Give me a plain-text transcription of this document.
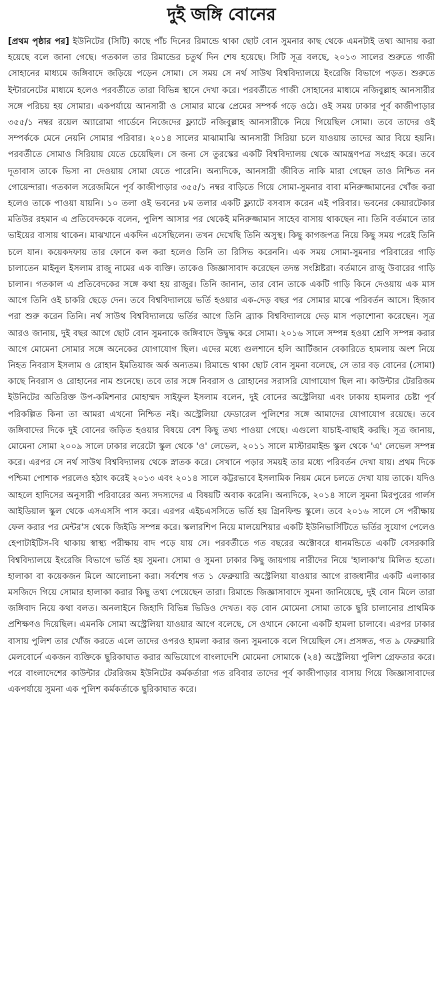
দুই জঙ্গি বোনের

[প্রথম পৃষ্ঠার পর] ইউনিটের (সিটি) কাছে পাঁচ দিনের রিমান্ডে থাকা ছোট বোন সুমনার কাছ থেকে এমনটাই তথ্য আদায় করা হয়েছে বলে জানা গেছে। গতকাল তার রিমান্ডের চতুর্থ দিন শেষ হয়েছে। সিটি সূত্র বলছে, ২০১৩ সালের শুরুতে গাজী সোহানের মাধ্যমে জঙ্গিবাদে জড়িয়ে পড়েন সোমা। সে সময় সে নর্থ সাউথ বিশ্ববিদ্যালয়ে ইংরেজি বিভাগে পড়ত। শুরুতে ইন্টারনেটের মাধ্যমে হলেও পরবর্তীতে তারা বিভিন্ন স্থানে দেখা করে। পরবর্তীতে গাজী সোহানের মাধ্যমে নজিবুল্লাহ আনসারীর সঙ্গে পরিচয় হয় সোমার। একপর্যায়ে আনসারী ও সোমার মাঝে প্রেমের সম্পর্ক গড়ে ওঠে। ওই সময় ঢাকার পূর্ব কাজীপাড়ার ৩৫৫/১ নম্বর রয়েল অ্যারোমা গার্ডেনে নিজেদের ফ্ল্যাটে নজিবুল্লাহ আনসারীকে নিয়ে গিয়েছিল সোমা। তবে তাদের ওই সম্পর্ককে মেনে নেয়নি সোমার পরিবার। ২০১৪ সালের মাঝামাঝি আনসারী সিরিয়া চলে যাওয়ায় তাদের আর বিয়ে হয়নি। পরবর্তীতে সোমাও সিরিয়ায় যেতে চেয়েছিল। সে জন্য সে তুরস্কের একটি বিশ্ববিদ্যালয় থেকে আমন্ত্রণপত্র সংগ্রহ করে। তবে দূতাবাস তাকে ভিসা না দেওয়ায় সোমা যেতে পারেনি। অন্যদিকে, আনসারী জীবিত নাকি মারা গেছেন তাও নিশ্চিত নন গোয়েন্দারা। গতকাল সরেজমিনে পূর্ব কাজীপাড়ার ৩৫৫/১ নম্বর বাড়িতে গিয়ে সোমা-সুমনার বাবা মনিরুজ্জামানের খোঁজ করা হলেও তাকে পাওয়া যায়নি। ১০ তলা ওই ভবনের ৮ম তলার একটি ফ্ল্যাটে বসবাস করেন এই পরিবার। ভবনের কেয়ারটেকার মতিউর রহমান এ প্রতিবেদককে বলেন, পুলিশ আসার পর থেকেই মনিরুজ্জামান সাহেব বাসায় থাকছেন না। তিনি বর্তমানে তার ভাইয়ের বাসায় থাকেন। মাঝখানে একদিন এসেছিলেন। তখন দেখেছি তিনি অসুস্থ। কিছু কাগজপত্র নিয়ে কিছু সময় পরেই তিনি চলে যান। কয়েকদফায় তার ফোনে কল করা হলেও তিনি তা রিসিভ করেননি। এক সময় সোমা-সুমনার পরিবারের গাড়ি চালাতেন মাইনুল ইসলাম রাজু নামের এক ব্যক্তি। তাকেও জিজ্ঞাসাবাদ করেছেন তদন্ত সংশ্লিষ্টরা। বর্তমানে রাজু উবারের গাড়ি চালান। গতকাল এ প্রতিবেদকের সঙ্গে কথা হয় রাজুর। তিনি জানান, তার বোন তাকে একটি গাড়ি কিনে দেওয়ায় এক মাস আগে তিনি ওই চাকরি ছেড়ে দেন। তবে বিশ্ববিদ্যালয়ে ভর্তি হওয়ার এক-দেড় বছর পর সোমার মাঝে পরিবর্তন আসে। হিজাব পরা শুরু করেন তিনি। নর্থ সাউথ বিশ্ববিদ্যালয়ে ভর্তির আগে তিনি ব্র্যাক বিশ্ববিদ্যালয়ে দেড় মাস পড়াশোনা করেছেন। সূত্র আরও জানায়, দুই বছর আগে ছোট বোন সুমনাকে জঙ্গিবাদে উদ্বুদ্ধ করে সোমা। ২০১৬ সালে সম্পন্ন হওয়া শ্রেণি সম্পন্ন করার আগে মোমেনা সোমার সঙ্গে অনেকের যোগাযোগ ছিল। এদের মধ্যে গুলশানে হলি আর্টিজান বেকারিতে হামলায় অংশ নিয়ে নিহত নিবরাস ইসলাম ও রোহান ইমতিয়াজ অর্ক অন্যতম। রিমান্ডে থাকা ছোট বোন সুমনা বলেছে, সে তার বড় বোনের (সোমা) কাছে নিবরাস ও রোহানের নাম শুনেছে। তবে তার সঙ্গে নিবরাস ও রোহানের সরাসরি যোগাযোগ ছিল না। কাউন্টার টেররিজম ইউনিটের অতিরিক্ত উপ-কমিশনার মোহাম্মদ সাইফুল ইসলাম বলেন, দুই বোনের অস্ট্রেলিয়া এবং ঢাকায় হামলার চেষ্টা পূর্ব পরিকল্পিত কিনা তা আমরা এখনো নিশ্চিত নই। অস্ট্রেলিয়া ফেডারেল পুলিশের সঙ্গে আমাদের যোগাযোগ রয়েছে। তবে জঙ্গিবাদের দিকে দুই বোনের জড়িত হওয়ার বিষয়ে বেশ কিছু তথ্য পাওয়া গেছে। এগুলো যাচাই-বাছাই করছি। সূত্র জানায়, মোমেনা সোমা ২০০৯ সালে ঢাকার লরেটো স্কুল থেকে 'ও' লেভেল, ২০১১ সালে মাস্টারমাইন্ড স্কুল থেকে 'এ' লেভেল সম্পন্ন করে। এরপর সে নর্থ সাউথ বিশ্ববিদ্যালয় থেকে স্নাতক করে। সেখানে পড়ার সময়ই তার মধ্যে পরিবর্তন দেখা যায়। প্রথম দিকে পশ্চিমা পোশাক পরলেও হঠাৎ করেই ২০১৩ এবং ২০১৪ সালে কট্টরভাবে ইসলামিক নিয়ম মেনে চলতে দেখা যায় তাকে। যদিও আহলে হাদিসের অনুসারী পরিবারের অন্য সদস্যদের এ বিষয়টি অবাক করেনি। অন্যদিকে, ২০১৪ সালে সুমনা মিরপুরের গার্লস আইডিয়াল স্কুল থেকে এসএসসি পাস করে। এরপর এইচএসসিতে ভর্তি হয় গ্রিনফিল্ড স্কুলে। তবে ২০১৬ সালে সে পরীক্ষায় ফেল করার পর মেন্টর'স থেকে জিইডি সম্পন্ন করে। স্কলারশিপ নিয়ে মালয়েশিয়ার একটি ইউনিভার্সিটিতে ভর্তির সুযোগ পেলেও হেপাটাইটিস-বি থাকায় স্বাস্থ্য পরীক্ষায় বাদ পড়ে যায় সে। পরবর্তীতে গত বছরের অক্টোবরে ধানমন্ডিতে একটি বেসরকারি বিশ্ববিদ্যালয়ে ইংরেজি বিভাগে ভর্তি হয় সুমনা। সোমা ও সুমনা ঢাকার কিছু জায়গায় নারীদের নিয়ে 'হালাকা'য় মিলিত হতো। হালাকা বা কয়েকজন মিলে আলোচনা করা। সর্বশেষ গত ১ ফেব্রুয়ারি অস্ট্রেলিয়া যাওয়ার আগে রাজধানীর একটি এলাকার মসজিদে গিয়ে সোমার হালাকা করার কিছু তথ্য পেয়েছেন তারা। রিমান্ডে জিজ্ঞাসাবাদে সুমনা জানিয়েছে, দুই বোন মিলে তারা জঙ্গিবাদ নিয়ে কথা বলত। অনলাইনে জিহাদি বিভিন্ন ভিডিও দেখত। বড় বোন মোমেনা সোমা তাকে ছুরি চালানোর প্রাথমিক প্রশিক্ষণও দিয়েছিল। এমনকি সোমা অস্ট্রেলিয়া যাওয়ার আগে বলেছে, সে ওখানে কোনো একটি হামলা চালাবে। এরপর ঢাকার বাসায় পুলিশ তার খোঁজ করতে এলে তাদের ওপরও হামলা করার জন্য সুমনাকে বলে গিয়েছিল সে। প্রসঙ্গত, গত ৯ ফেব্রুয়ারি মেলবোর্নে একজন ব্যক্তিকে ছুরিকাঘাত করার অভিযোগে বাংলাদেশি মোমেনা সোমাকে (২৪) অস্ট্রেলিয়া পুলিশ গ্রেফতার করে। পরে বাংলাদেশের কাউন্টার টেররিজম ইউনিটের কর্মকর্তারা গত রবিবার তাদের পূর্ব কাজীপাড়ার বাসায় গিয়ে জিজ্ঞাসাবাদের একপর্যায়ে সুমনা এক পুলিশ কর্মকর্তাকে ছুরিকাঘাত করে।
